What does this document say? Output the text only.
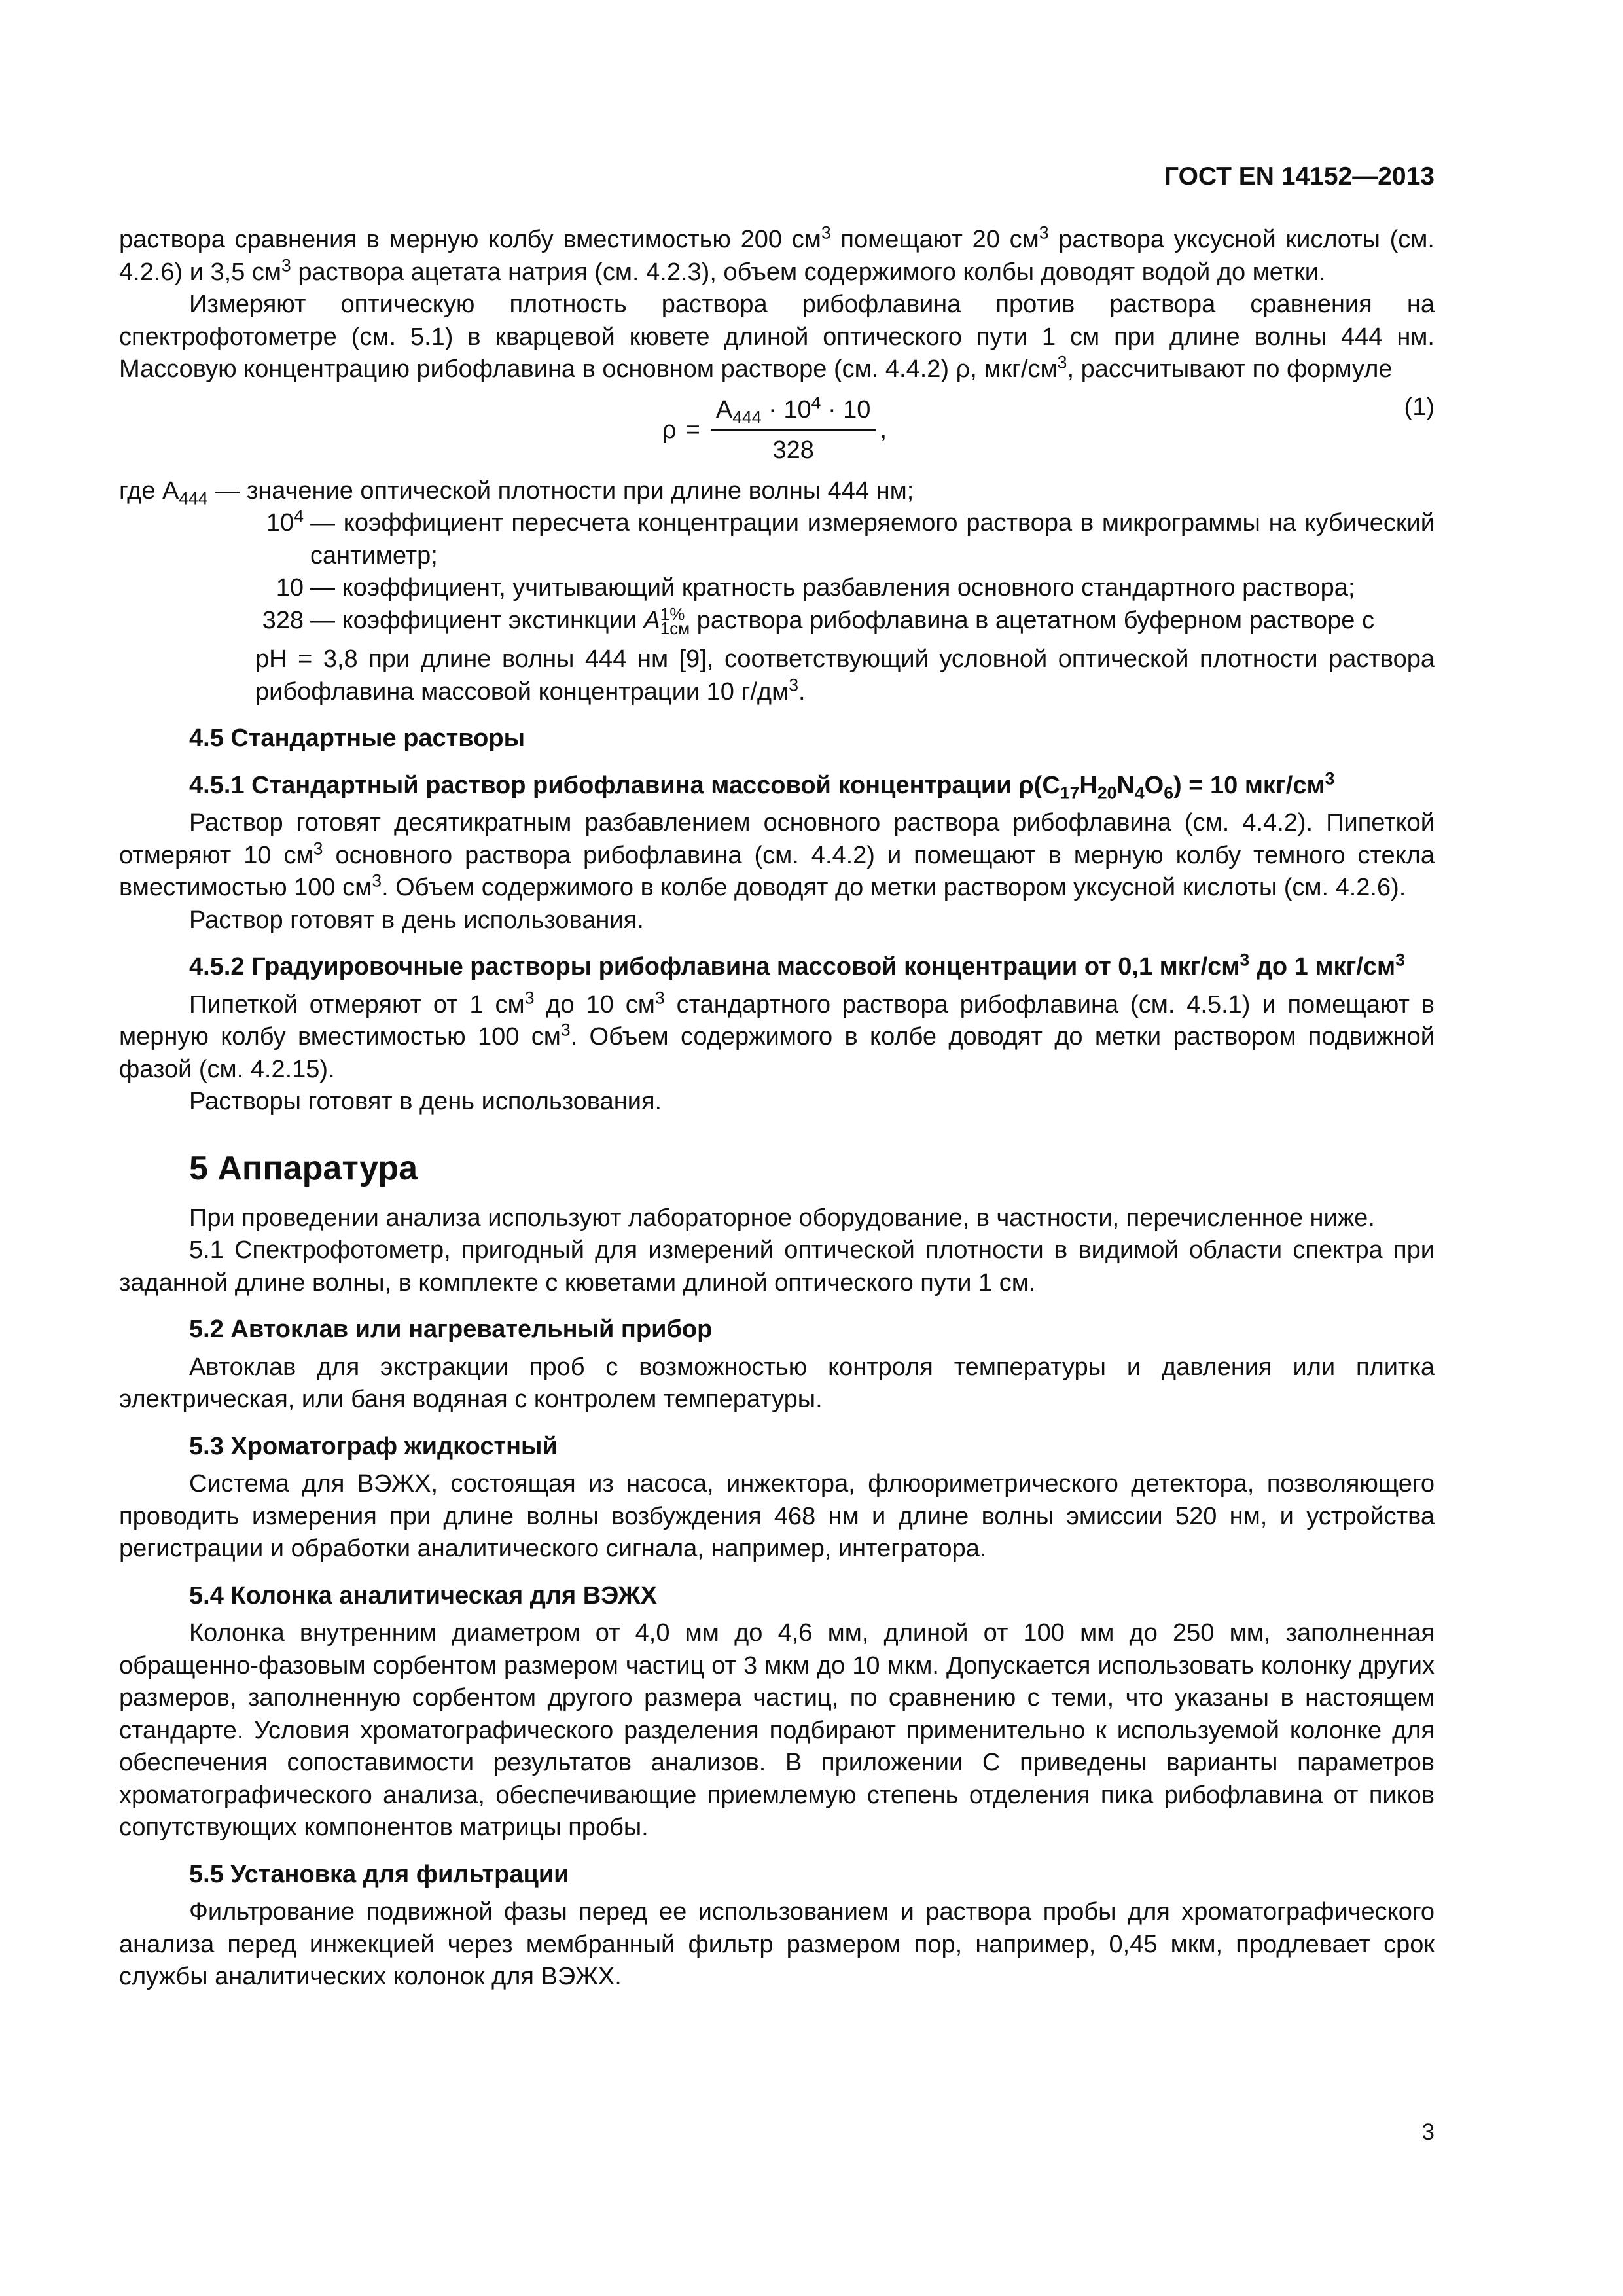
ГОСТ EN 14152—2013

раствора сравнения в мерную колбу вместимостью 200 $см^3$ помещают 20 $см^3$ раствора уксусной кислоты (см. 4.2.6) и 3,5 $см^3$ раствора ацетата натрия (см. 4.2.3), объем содержимого колбы доводят водой до метки.

Измеряют оптическую плотность раствора рибофлавина против раствора сравнения на спектрофотометре (см. 5.1) в кварцевой кювете длиной оптического пути 1 см при длине волны 444 нм. Массовую концентрацию рибофлавина в основном растворе (см. 4.4.2) ρ, мкг/$см^3$, рассчитывают по формуле

$\rho = \frac{A_{444} \cdot 10^4 \cdot 10}{328}$ ,
(1)

где $A_{444}$ — значение оптической плотности при длине волны 444 нм;

$10^4$ — коэффициент пересчета концентрации измеряемого раствора в микрограммы на кубический сантиметр;
10 — коэффициент, учитывающий кратность разбавления основного стандартного раствора;
328 — коэффициент экстинкции A 1%
1см раствора рибофлавина в ацетатном буферном растворе с

pH = 3,8 при длине волны 444 нм [9], соответствующий условной оптической плотности раствора рибофлавина массовой концентрации 10 $г/дм^3$.

4.5 Стандартные растворы

4.5.1 Стандартный раствор рибофлавина массовой концентрации $\rho(C_{17}H_{20}N_4O_6) = 10$ мкг/$см^3$

Раствор готовят десятикратным разбавлением основного раствора рибофлавина (см. 4.4.2). Пипеткой отмеряют 10 $см^3$ основного раствора рибофлавина (см. 4.4.2) и помещают в мерную колбу темного стекла вместимостью 100 $см^3$. Объем содержимого в колбе доводят до метки раствором уксусной кислоты (см. 4.2.6).

Раствор готовят в день использования.

4.5.2 Градуировочные растворы рибофлавина массовой концентрации от 0,1 мкг/$см^3$ до 1 мкг/$см^3$

Пипеткой отмеряют от 1 $см^3$ до 10 $см^3$ стандартного раствора рибофлавина (см. 4.5.1) и помещают в мерную колбу вместимостью 100 $см^3$. Объем содержимого в колбе доводят до метки раствором подвижной фазой (см. 4.2.15).

Растворы готовят в день использования.

5 Аппаратура

При проведении анализа используют лабораторное оборудование, в частности, перечисленное ниже.

5.1 Спектрофотометр, пригодный для измерений оптической плотности в видимой области спектра при заданной длине волны, в комплекте с кюветами длиной оптического пути 1 см.

5.2 Автоклав или нагревательный прибор

Автоклав для экстракции проб с возможностью контроля температуры и давления или плитка электрическая, или баня водяная с контролем температуры.

5.3 Хроматограф жидкостный

Система для ВЭЖХ, состоящая из насоса, инжектора, флюориметрического детектора, позволяющего проводить измерения при длине волны возбуждения 468 нм и длине волны эмиссии 520 нм, и устройства регистрации и обработки аналитического сигнала, например, интегратора.

5.4 Колонка аналитическая для ВЭЖХ

Колонка внутренним диаметром от 4,0 мм до 4,6 мм, длиной от 100 мм до 250 мм, заполненная обращенно-фазовым сорбентом размером частиц от 3 мкм до 10 мкм. Допускается использовать колонку других размеров, заполненную сорбентом другого размера частиц, по сравнению с теми, что указаны в настоящем стандарте. Условия хроматографического разделения подбирают применительно к используемой колонке для обеспечения сопоставимости результатов анализов. В приложении С приведены варианты параметров хроматографического анализа, обеспечивающие приемлемую степень отделения пика рибофлавина от пиков сопутствующих компонентов матрицы пробы.

5.5 Установка для фильтрации

Фильтрование подвижной фазы перед ее использованием и раствора пробы для хроматографического анализа перед инжекцией через мембранный фильтр размером пор, например, 0,45 мкм, продлевает срок службы аналитических колонок для ВЭЖХ.

3
